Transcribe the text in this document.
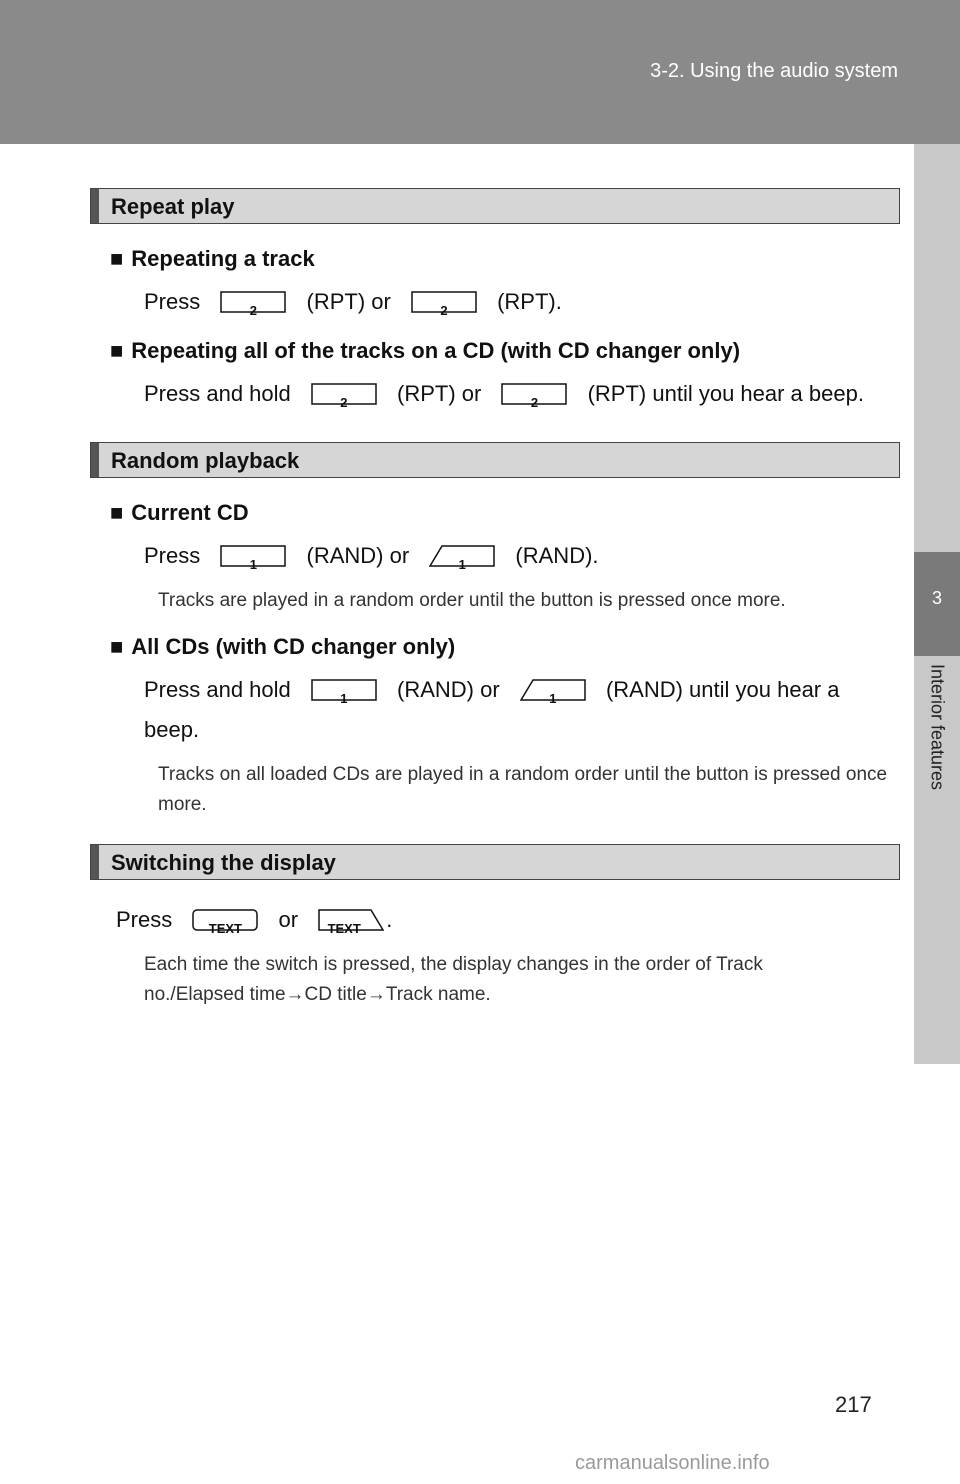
3-2. Using the audio system
3
Interior features
Repeat play
■ Repeating a track
Press	2	(RPT) or	2	(RPT).
■ Repeating all of the tracks on a CD (with CD changer only)
Press and hold	2	(RPT) or	2	(RPT) until you hear a beep.
Random playback
■ Current CD
Press	1	(RAND) or	1	(RAND).
Tracks are played in a random order until the button is pressed once more.
■ All CDs (with CD changer only)
Press and hold	1	(RAND) or	1	(RAND) until you hear a
beep.
Tracks on all loaded CDs are played in a random order until the button is pressed once more.
Switching the display
Press	TEXT	or	TEXT	.
Each time the switch is pressed, the display changes in the order of Track
no./Elapsed time→CD title→Track name.
217
carmanualsonline.info
